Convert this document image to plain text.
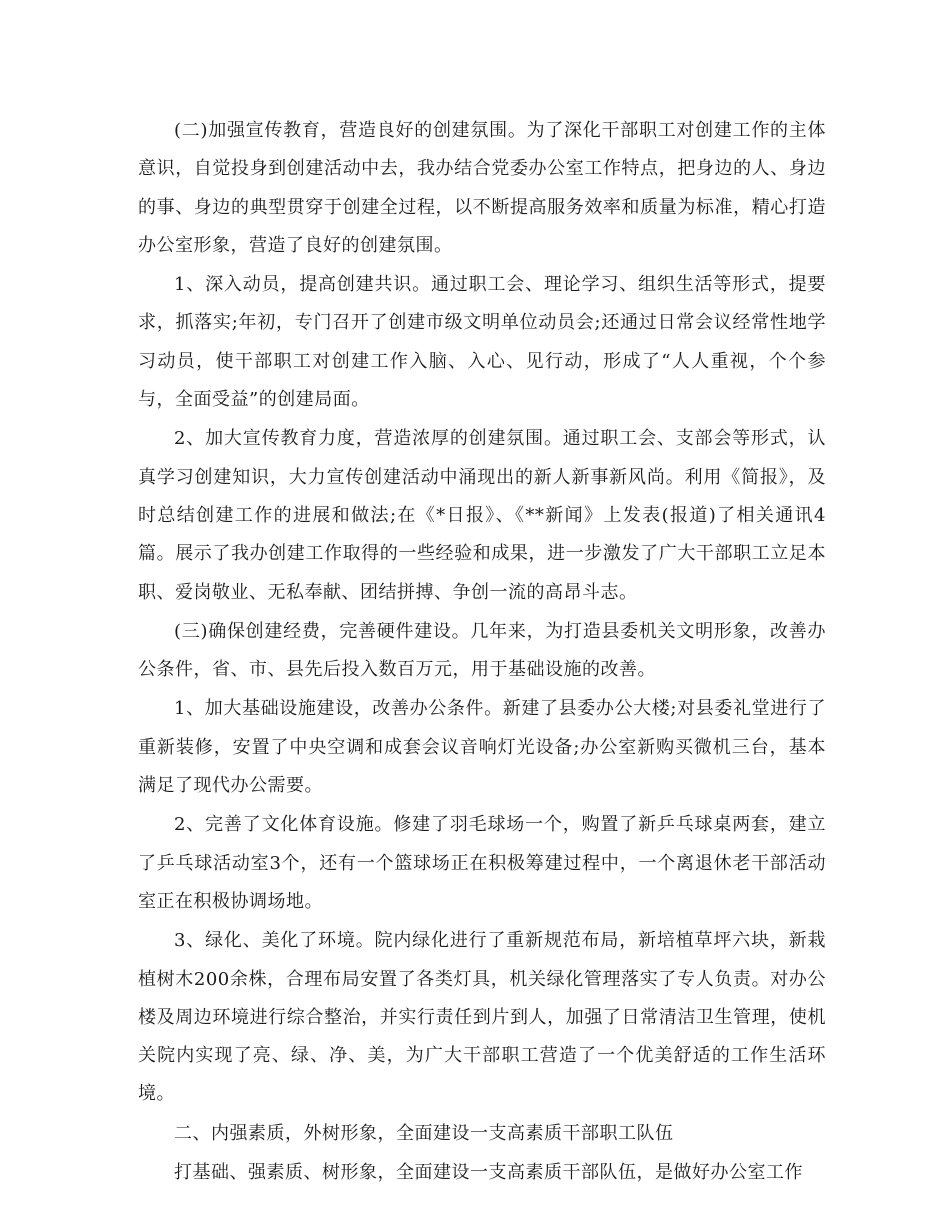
(二)加强宣传教育，营造良好的创建氛围。为了深化干部职工对创建工作的主体意识，自觉投身到创建活动中去，我办结合党委办公室工作特点，把身边的人、身边的事、身边的典型贯穿于创建全过程，以不断提高服务效率和质量为标准，精心打造办公室形象，营造了良好的创建氛围。

1、深入动员，提高创建共识。通过职工会、理论学习、组织生活等形式，提要求，抓落实;年初，专门召开了创建市级文明单位动员会;还通过日常会议经常性地学习动员，使干部职工对创建工作入脑、入心、见行动，形成了“人人重视，个个参与，全面受益”的创建局面。

2、加大宣传教育力度，营造浓厚的创建氛围。通过职工会、支部会等形式，认真学习创建知识，大力宣传创建活动中涌现出的新人新事新风尚。利用《简报》，及时总结创建工作的进展和做法;在《*日报》、《**新闻》上发表(报道)了相关通讯4篇。展示了我办创建工作取得的一些经验和成果，进一步激发了广大干部职工立足本职、爱岗敬业、无私奉献、团结拼搏、争创一流的高昂斗志。

(三)确保创建经费，完善硬件建设。几年来，为打造县委机关文明形象，改善办公条件，省、市、县先后投入数百万元，用于基础设施的改善。

1、加大基础设施建设，改善办公条件。新建了县委办公大楼;对县委礼堂进行了重新装修，安置了中央空调和成套会议音响灯光设备;办公室新购买微机三台，基本满足了现代办公需要。

2、完善了文化体育设施。修建了羽毛球场一个，购置了新乒乓球桌两套，建立了乒乓球活动室3个，还有一个篮球场正在积极筹建过程中，一个离退休老干部活动室正在积极协调场地。

3、绿化、美化了环境。院内绿化进行了重新规范布局，新培植草坪六块，新栽植树木200余株，合理布局安置了各类灯具，机关绿化管理落实了专人负责。对办公楼及周边环境进行综合整治，并实行责任到片到人，加强了日常清洁卫生管理，使机关院内实现了亮、绿、净、美，为广大干部职工营造了一个优美舒适的工作生活环境。

二、内强素质，外树形象，全面建设一支高素质干部职工队伍

打基础、强素质、树形象，全面建设一支高素质干部队伍，是做好办公室工作
